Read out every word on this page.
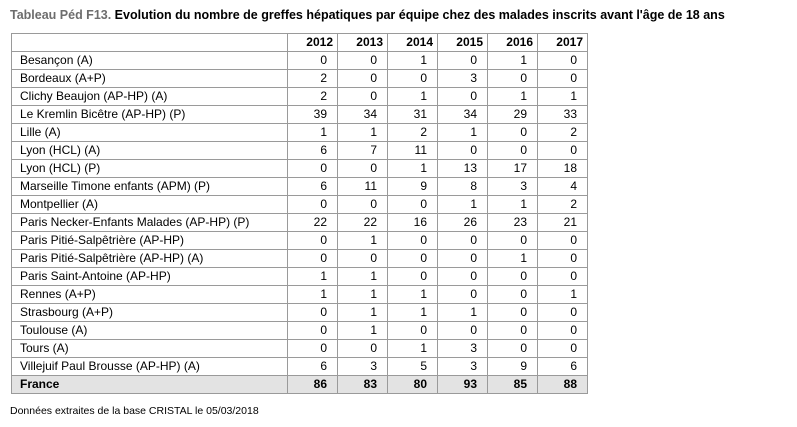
Tableau Péd F13. Evolution du nombre de greffes hépatiques par équipe chez des malades inscrits avant l'âge de 18 ans
	2012	2013	2014	2015	2016	2017
Besançon (A)	0	0	1	0	1	0
Bordeaux (A+P)	2	0	0	3	0	0
Clichy Beaujon (AP-HP) (A)	2	0	1	0	1	1
Le Kremlin Bicêtre (AP-HP) (P)	39	34	31	34	29	33
Lille (A)	1	1	2	1	0	2
Lyon (HCL) (A)	6	7	11	0	0	0
Lyon (HCL) (P)	0	0	1	13	17	18
Marseille Timone enfants (APM) (P)	6	11	9	8	3	4
Montpellier (A)	0	0	0	1	1	2
Paris Necker-Enfants Malades (AP-HP) (P)	22	22	16	26	23	21
Paris Pitié-Salpêtrière (AP-HP)	0	1	0	0	0	0
Paris Pitié-Salpêtrière (AP-HP) (A)	0	0	0	0	1	0
Paris Saint-Antoine (AP-HP)	1	1	0	0	0	0
Rennes (A+P)	1	1	1	0	0	1
Strasbourg (A+P)	0	1	1	1	0	0
Toulouse (A)	0	1	0	0	0	0
Tours (A)	0	0	1	3	0	0
Villejuif Paul Brousse (AP-HP) (A)	6	3	5	3	9	6
France	86	83	80	93	85	88
Données extraites de la base CRISTAL le 05/03/2018
